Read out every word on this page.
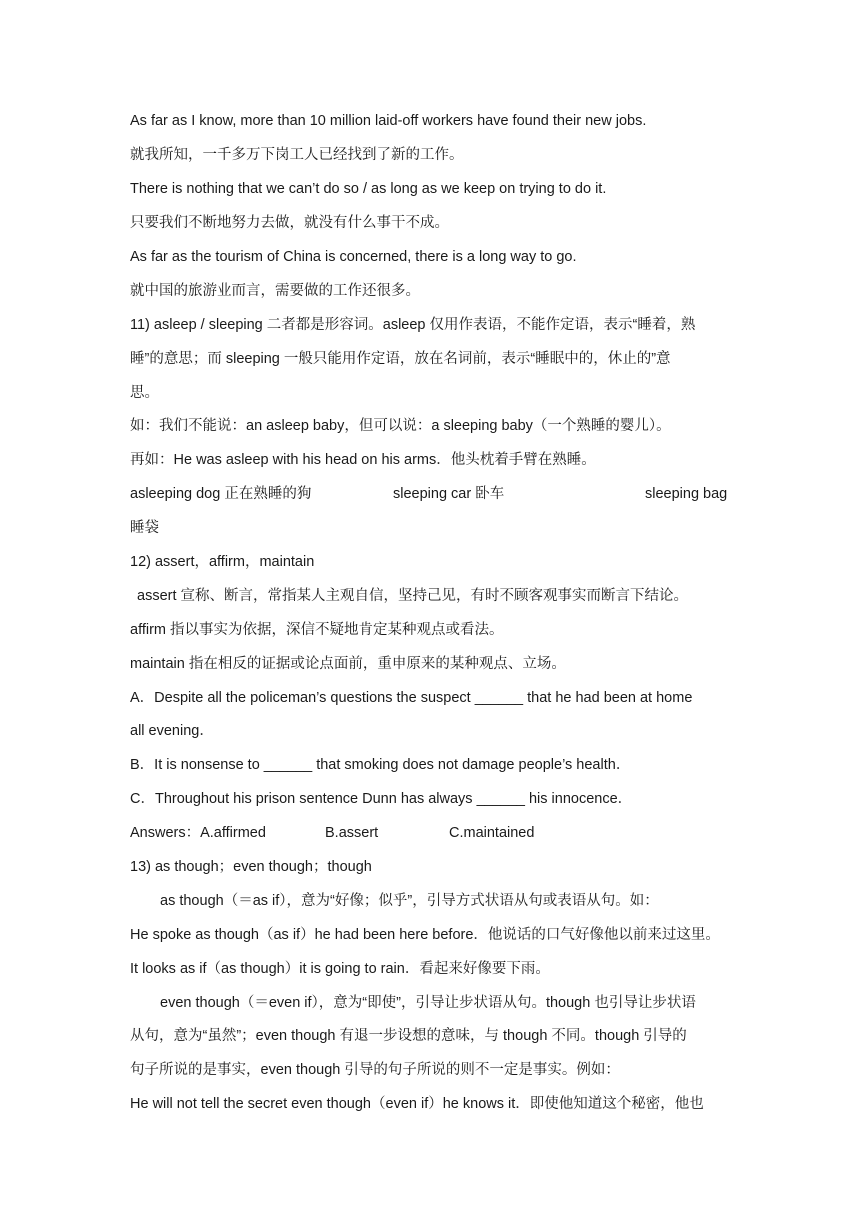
As far as I know, more than 10 million laid-off workers have found their new jobs.
就我所知，一千多万下岗工人已经找到了新的工作。
There is nothing that we can’t do so / as long as we keep on trying to do it.
只要我们不断地努力去做，就没有什么事干不成。
As far as the tourism of China is concerned, there is a long way to go.
就中国的旅游业而言，需要做的工作还很多。
11) asleep / sleeping 二者都是形容词。asleep 仅用作表语，不能作定语，表示“睡着，熟
睡”的意思；而 sleeping 一般只能用作定语，放在名词前，表示“睡眠中的，休止的”意
思。
如：我们不能说：an asleep baby，但可以说：a sleeping baby（一个熟睡的婴儿）。
再如：He was asleep with his head on his arms．他头枕着手臂在熟睡。
asleeping dog 正在熟睡的狗	sleeping car 卧车	sleeping bag
睡袋
12) assert，affirm，maintain
assert 宣称、断言，常指某人主观自信，坚持己见，有时不顾客观事实而断言下结论。
affirm 指以事实为依据，深信不疑地肯定某种观点或看法。
maintain 指在相反的证据或论点面前，重申原来的某种观点、立场。
A．Despite all the policeman’s questions the suspect ______ that he had been at home
all evening．
B．It is nonsense to ______ that smoking does not damage people’s health．
C．Throughout his prison sentence Dunn has always ______ his innocence．
Answers：A.affirmed	B.assert	C.maintained
13) as though；even though；though
as though（＝as if），意为“好像；似乎”，引导方式状语从句或表语从句。如：
He spoke as though（as if）he had been here before．他说话的口气好像他以前来过这里。
It looks as if（as though）it is going to rain．看起来好像要下雨。
even though（＝even if），意为“即使”，引导让步状语从句。though 也引导让步状语
从句，意为“虽然”；even though 有退一步设想的意味，与 though 不同。though 引导的
句子所说的是事实，even though 引导的句子所说的则不一定是事实。例如：
He will not tell the secret even though（even if）he knows it．即使他知道这个秘密，他也
